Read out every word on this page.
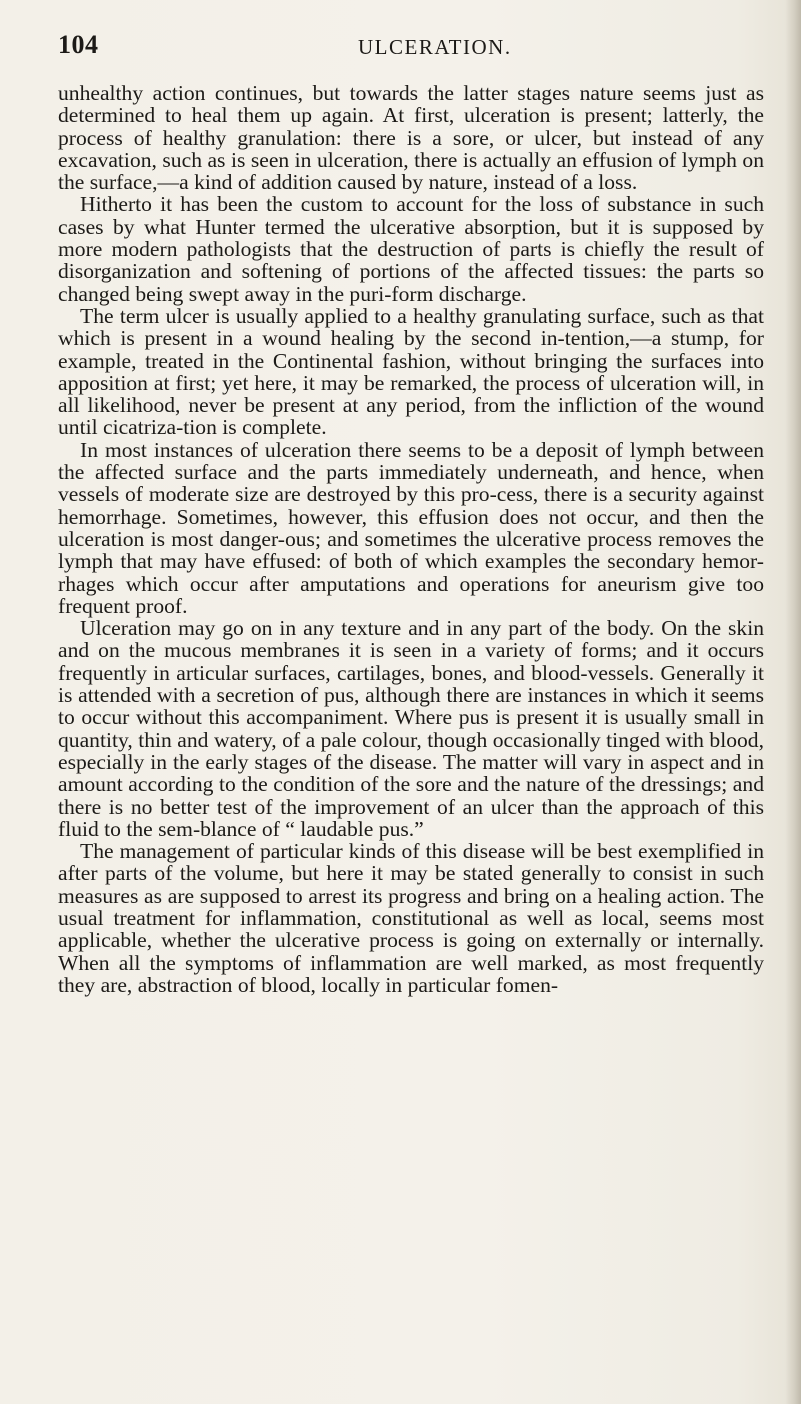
104	ULCERATION.

unhealthy action continues, but towards the latter stages nature seems just as determined to heal them up again. At first, ulceration is present; latterly, the process of healthy granulation: there is a sore, or ulcer, but instead of any excavation, such as is seen in ulceration, there is actually an effusion of lymph on the surface,—a kind of addition caused by nature, instead of a loss.

Hitherto it has been the custom to account for the loss of substance in such cases by what Hunter termed the ulcerative absorption, but it is supposed by more modern pathologists that the destruction of parts is chiefly the result of disorganization and softening of portions of the affected tissues: the parts so changed being swept away in the puri-form discharge.

The term ulcer is usually applied to a healthy granulating surface, such as that which is present in a wound healing by the second in-tention,—a stump, for example, treated in the Continental fashion, without bringing the surfaces into apposition at first; yet here, it may be remarked, the process of ulceration will, in all likelihood, never be present at any period, from the infliction of the wound until cicatriza-tion is complete.

In most instances of ulceration there seems to be a deposit of lymph between the affected surface and the parts immediately underneath, and hence, when vessels of moderate size are destroyed by this pro-cess, there is a security against hemorrhage. Sometimes, however, this effusion does not occur, and then the ulceration is most danger-ous; and sometimes the ulcerative process removes the lymph that may have effused: of both of which examples the secondary hemor-rhages which occur after amputations and operations for aneurism give too frequent proof.

Ulceration may go on in any texture and in any part of the body. On the skin and on the mucous membranes it is seen in a variety of forms; and it occurs frequently in articular surfaces, cartilages, bones, and blood-vessels. Generally it is attended with a secretion of pus, although there are instances in which it seems to occur without this accompaniment. Where pus is present it is usually small in quantity, thin and watery, of a pale colour, though occasionally tinged with blood, especially in the early stages of the disease. The matter will vary in aspect and in amount according to the condition of the sore and the nature of the dressings; and there is no better test of the improvement of an ulcer than the approach of this fluid to the sem-blance of “ laudable pus.”

The management of particular kinds of this disease will be best exemplified in after parts of the volume, but here it may be stated generally to consist in such measures as are supposed to arrest its progress and bring on a healing action. The usual treatment for inflammation, constitutional as well as local, seems most applicable, whether the ulcerative process is going on externally or internally. When all the symptoms of inflammation are well marked, as most frequently they are, abstraction of blood, locally in particular fomen-
